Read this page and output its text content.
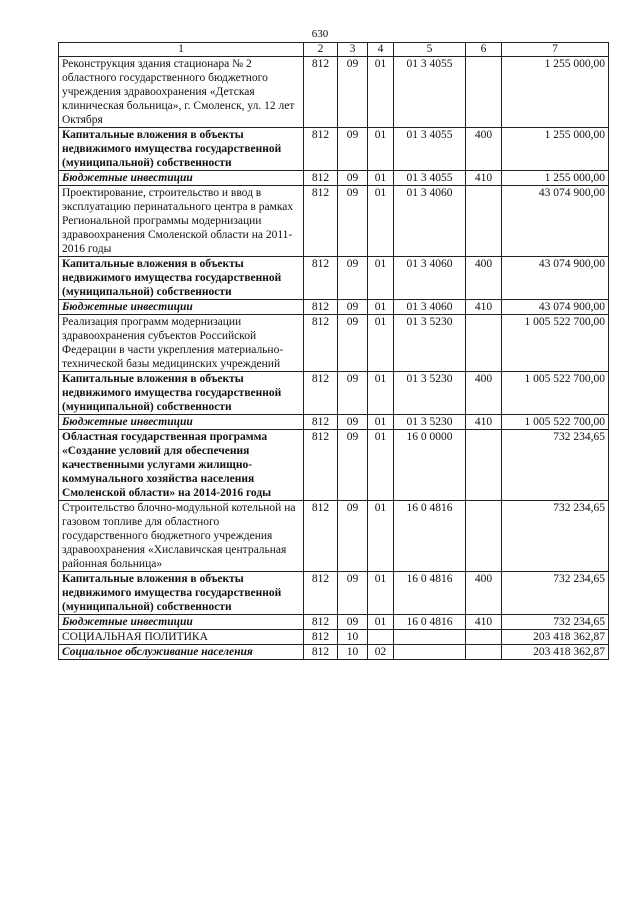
630
1	2	3	4	5	6	7
Реконструкция здания стационара № 2 областного государственного бюджетного учреждения здравоохранения «Детская клиническая больница», г. Смоленск, ул. 12 лет Октября	812	09	01	01 3 4055		1 255 000,00
Капитальные вложения в объекты недвижимого имущества государственной (муниципальной) собственности	812	09	01	01 3 4055	400	1 255 000,00
Бюджетные инвестиции	812	09	01	01 3 4055	410	1 255 000,00
Проектирование, строительство и ввод в эксплуатацию перинатального центра в рамках Региональной программы модернизации здравоохранения Смоленской области на 2011-2016 годы	812	09	01	01 3 4060		43 074 900,00
Капитальные вложения в объекты недвижимого имущества государственной (муниципальной) собственности	812	09	01	01 3 4060	400	43 074 900,00
Бюджетные инвестиции	812	09	01	01 3 4060	410	43 074 900,00
Реализация программ модернизации здравоохранения субъектов Российской Федерации в части укрепления материально-технической базы медицинских учреждений	812	09	01	01 3 5230		1 005 522 700,00
Капитальные вложения в объекты недвижимого имущества государственной (муниципальной) собственности	812	09	01	01 3 5230	400	1 005 522 700,00
Бюджетные инвестиции	812	09	01	01 3 5230	410	1 005 522 700,00
Областная государственная программа «Создание условий для обеспечения качественными услугами жилищно-коммунального хозяйства населения Смоленской области» на 2014-2016 годы	812	09	01	16 0 0000		732 234,65
Строительство блочно-модульной котельной на газовом топливе для областного государственного бюджетного учреждения здравоохранения «Хиславичская центральная районная больница»	812	09	01	16 0 4816		732 234,65
Капитальные вложения в объекты недвижимого имущества государственной (муниципальной) собственности	812	09	01	16 0 4816	400	732 234,65
Бюджетные инвестиции	812	09	01	16 0 4816	410	732 234,65
СОЦИАЛЬНАЯ ПОЛИТИКА	812	10				203 418 362,87
Социальное обслуживание населения	812	10	02			203 418 362,87
